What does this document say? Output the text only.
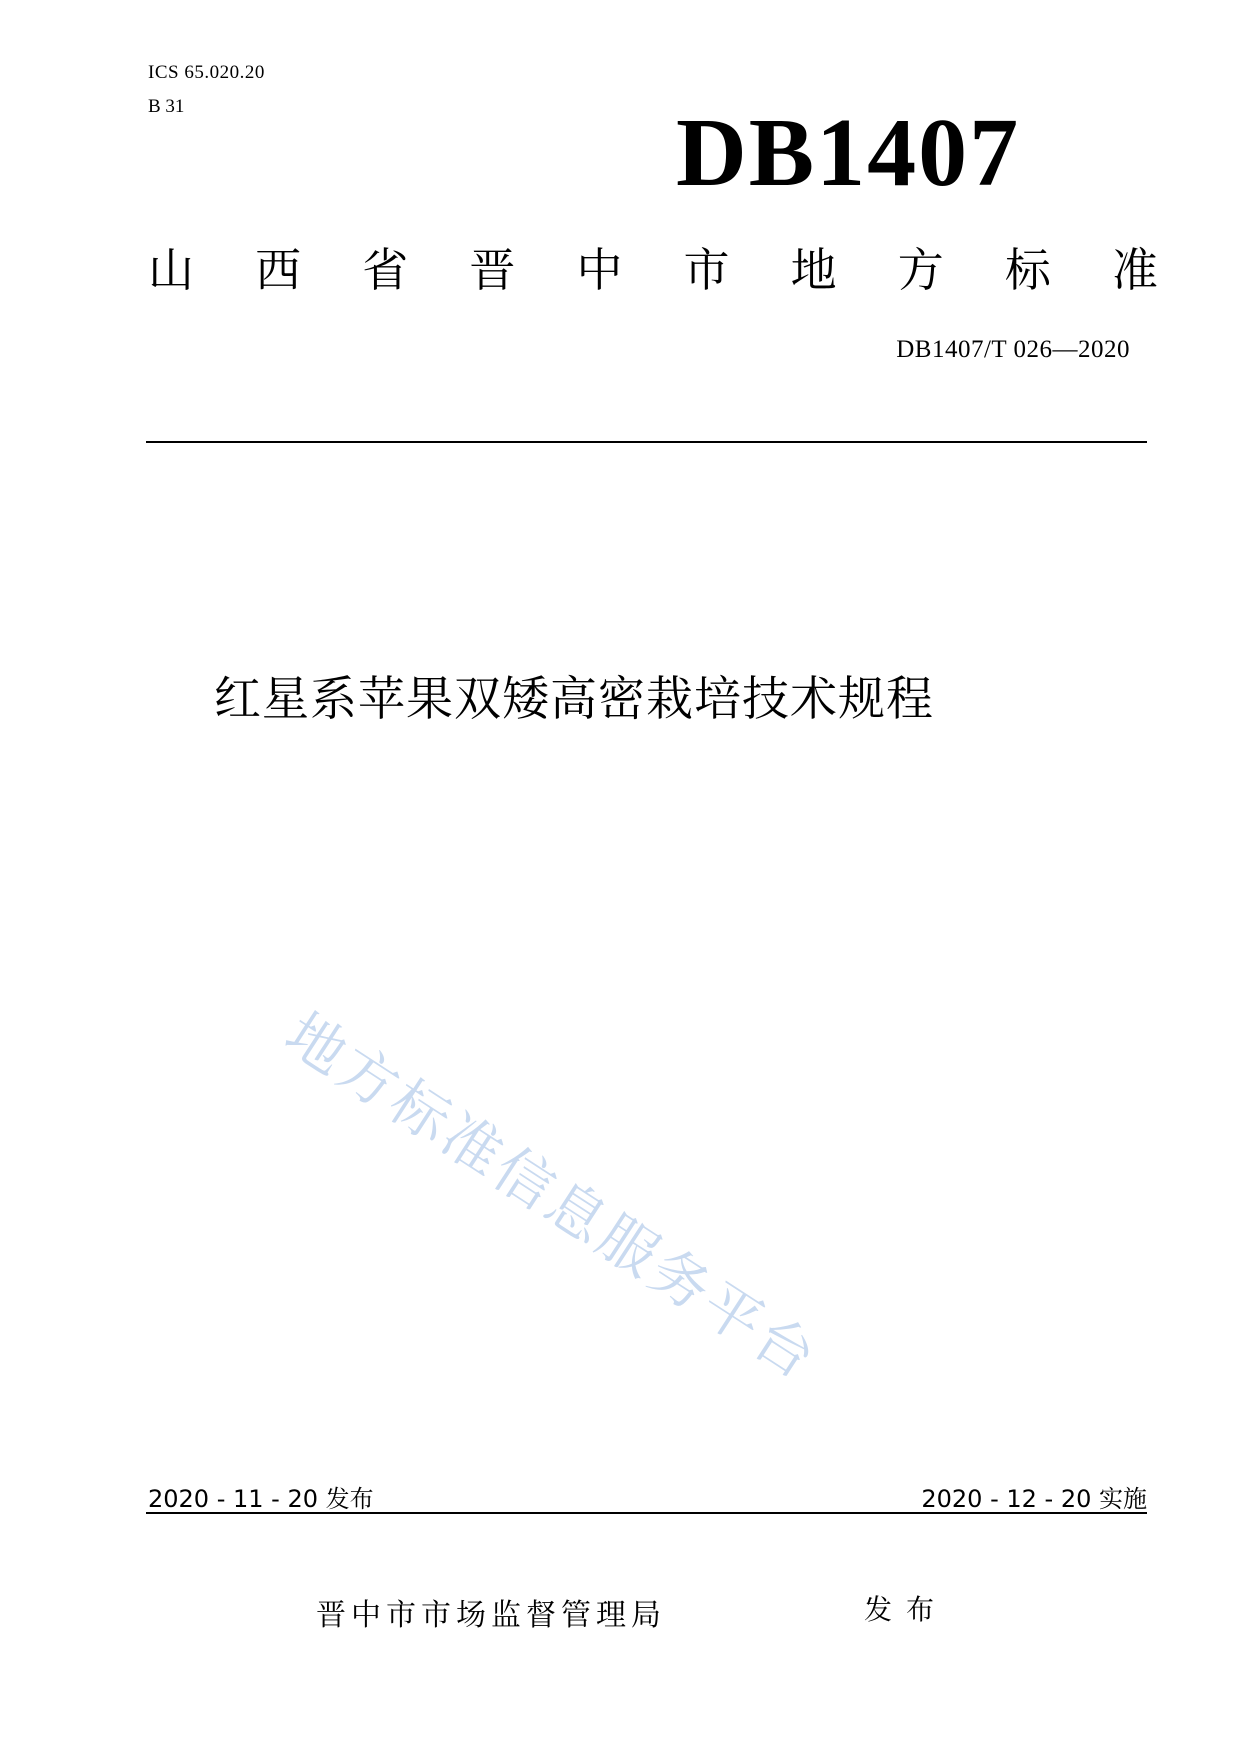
ICS 65.020.20
B 31	DB1407
山 西 省 晋 中 市 地 方 标 准
DB1407/T 026—2020
红星系苹果双矮高密栽培技术规程
地方标准信息服务平台
2020 - 11 - 20 发布	2020 - 12 - 20 实施
晋中市市场监督管理局	发布
